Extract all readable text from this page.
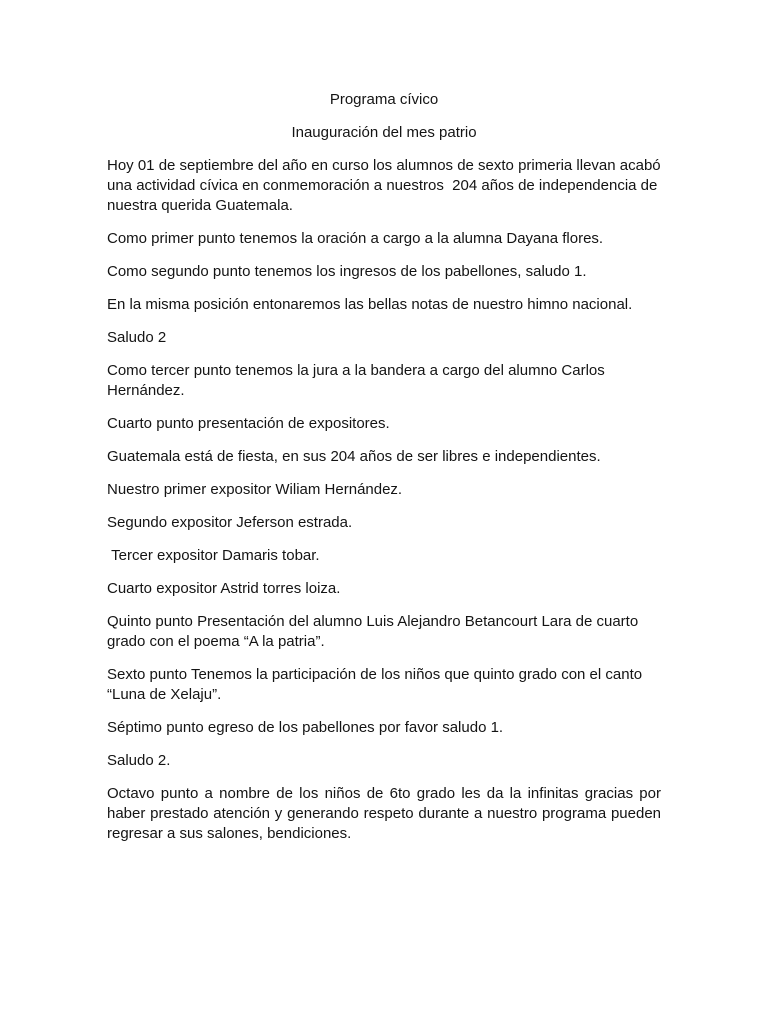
Programa cívico

Inauguración del mes patrio

Hoy 01 de septiembre del año en curso los alumnos de sexto primeria llevan acabó una actividad cívica en conmemoración a nuestros  204 años de independencia de nuestra querida Guatemala.

Como primer punto tenemos la oración a cargo a la alumna Dayana flores.

Como segundo punto tenemos los ingresos de los pabellones, saludo 1.

En la misma posición entonaremos las bellas notas de nuestro himno nacional.

Saludo 2

Como tercer punto tenemos la jura a la bandera a cargo del alumno Carlos Hernández.

Cuarto punto presentación de expositores.

Guatemala está de fiesta, en sus 204 años de ser libres e independientes.

Nuestro primer expositor Wiliam Hernández.

Segundo expositor Jeferson estrada.

Tercer expositor Damaris tobar.

Cuarto expositor Astrid torres loiza.

Quinto punto Presentación del alumno Luis Alejandro Betancourt Lara de cuarto grado con el poema “A la patria”.

Sexto punto Tenemos la participación de los niños que quinto grado con el canto “Luna de Xelaju”.

Séptimo punto egreso de los pabellones por favor saludo 1.

Saludo 2.

Octavo punto a nombre de los niños de 6to grado les da la infinitas gracias por haber prestado atención y generando respeto durante a nuestro programa pueden regresar a sus salones, bendiciones.
